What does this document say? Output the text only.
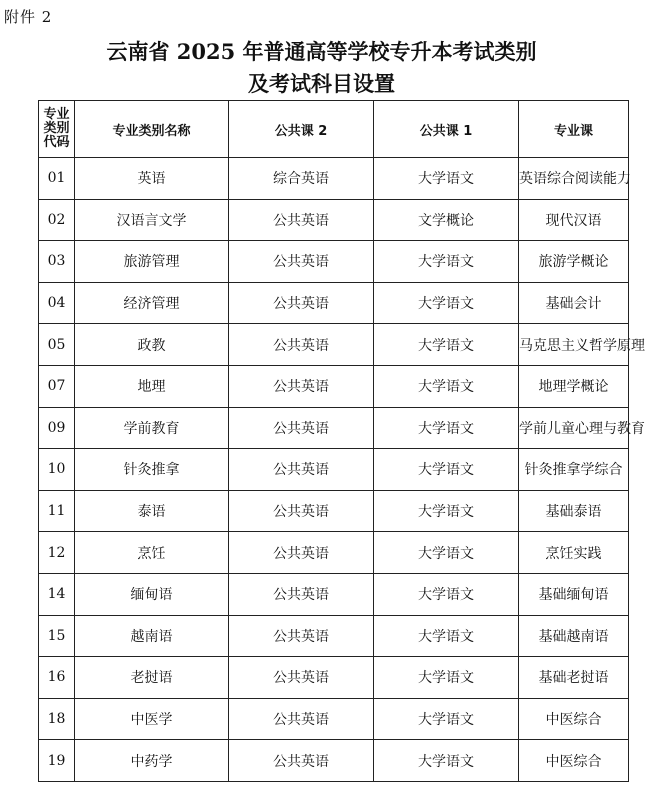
附件 2
云南省 2025 年普通高等学校专升本考试类别
及考试科目设置
专业
类别
代码	专业类别名称	公共课 2	公共课 1	专业课
01	英语	综合英语	大学语文	英语综合阅读能力
02	汉语言文学	公共英语	文学概论	现代汉语
03	旅游管理	公共英语	大学语文	旅游学概论
04	经济管理	公共英语	大学语文	基础会计
05	政教	公共英语	大学语文	马克思主义哲学原理
07	地理	公共英语	大学语文	地理学概论
09	学前教育	公共英语	大学语文	学前儿童心理与教育
10	针灸推拿	公共英语	大学语文	针灸推拿学综合
11	泰语	公共英语	大学语文	基础泰语
12	烹饪	公共英语	大学语文	烹饪实践
14	缅甸语	公共英语	大学语文	基础缅甸语
15	越南语	公共英语	大学语文	基础越南语
16	老挝语	公共英语	大学语文	基础老挝语
18	中医学	公共英语	大学语文	中医综合
19	中药学	公共英语	大学语文	中医综合
